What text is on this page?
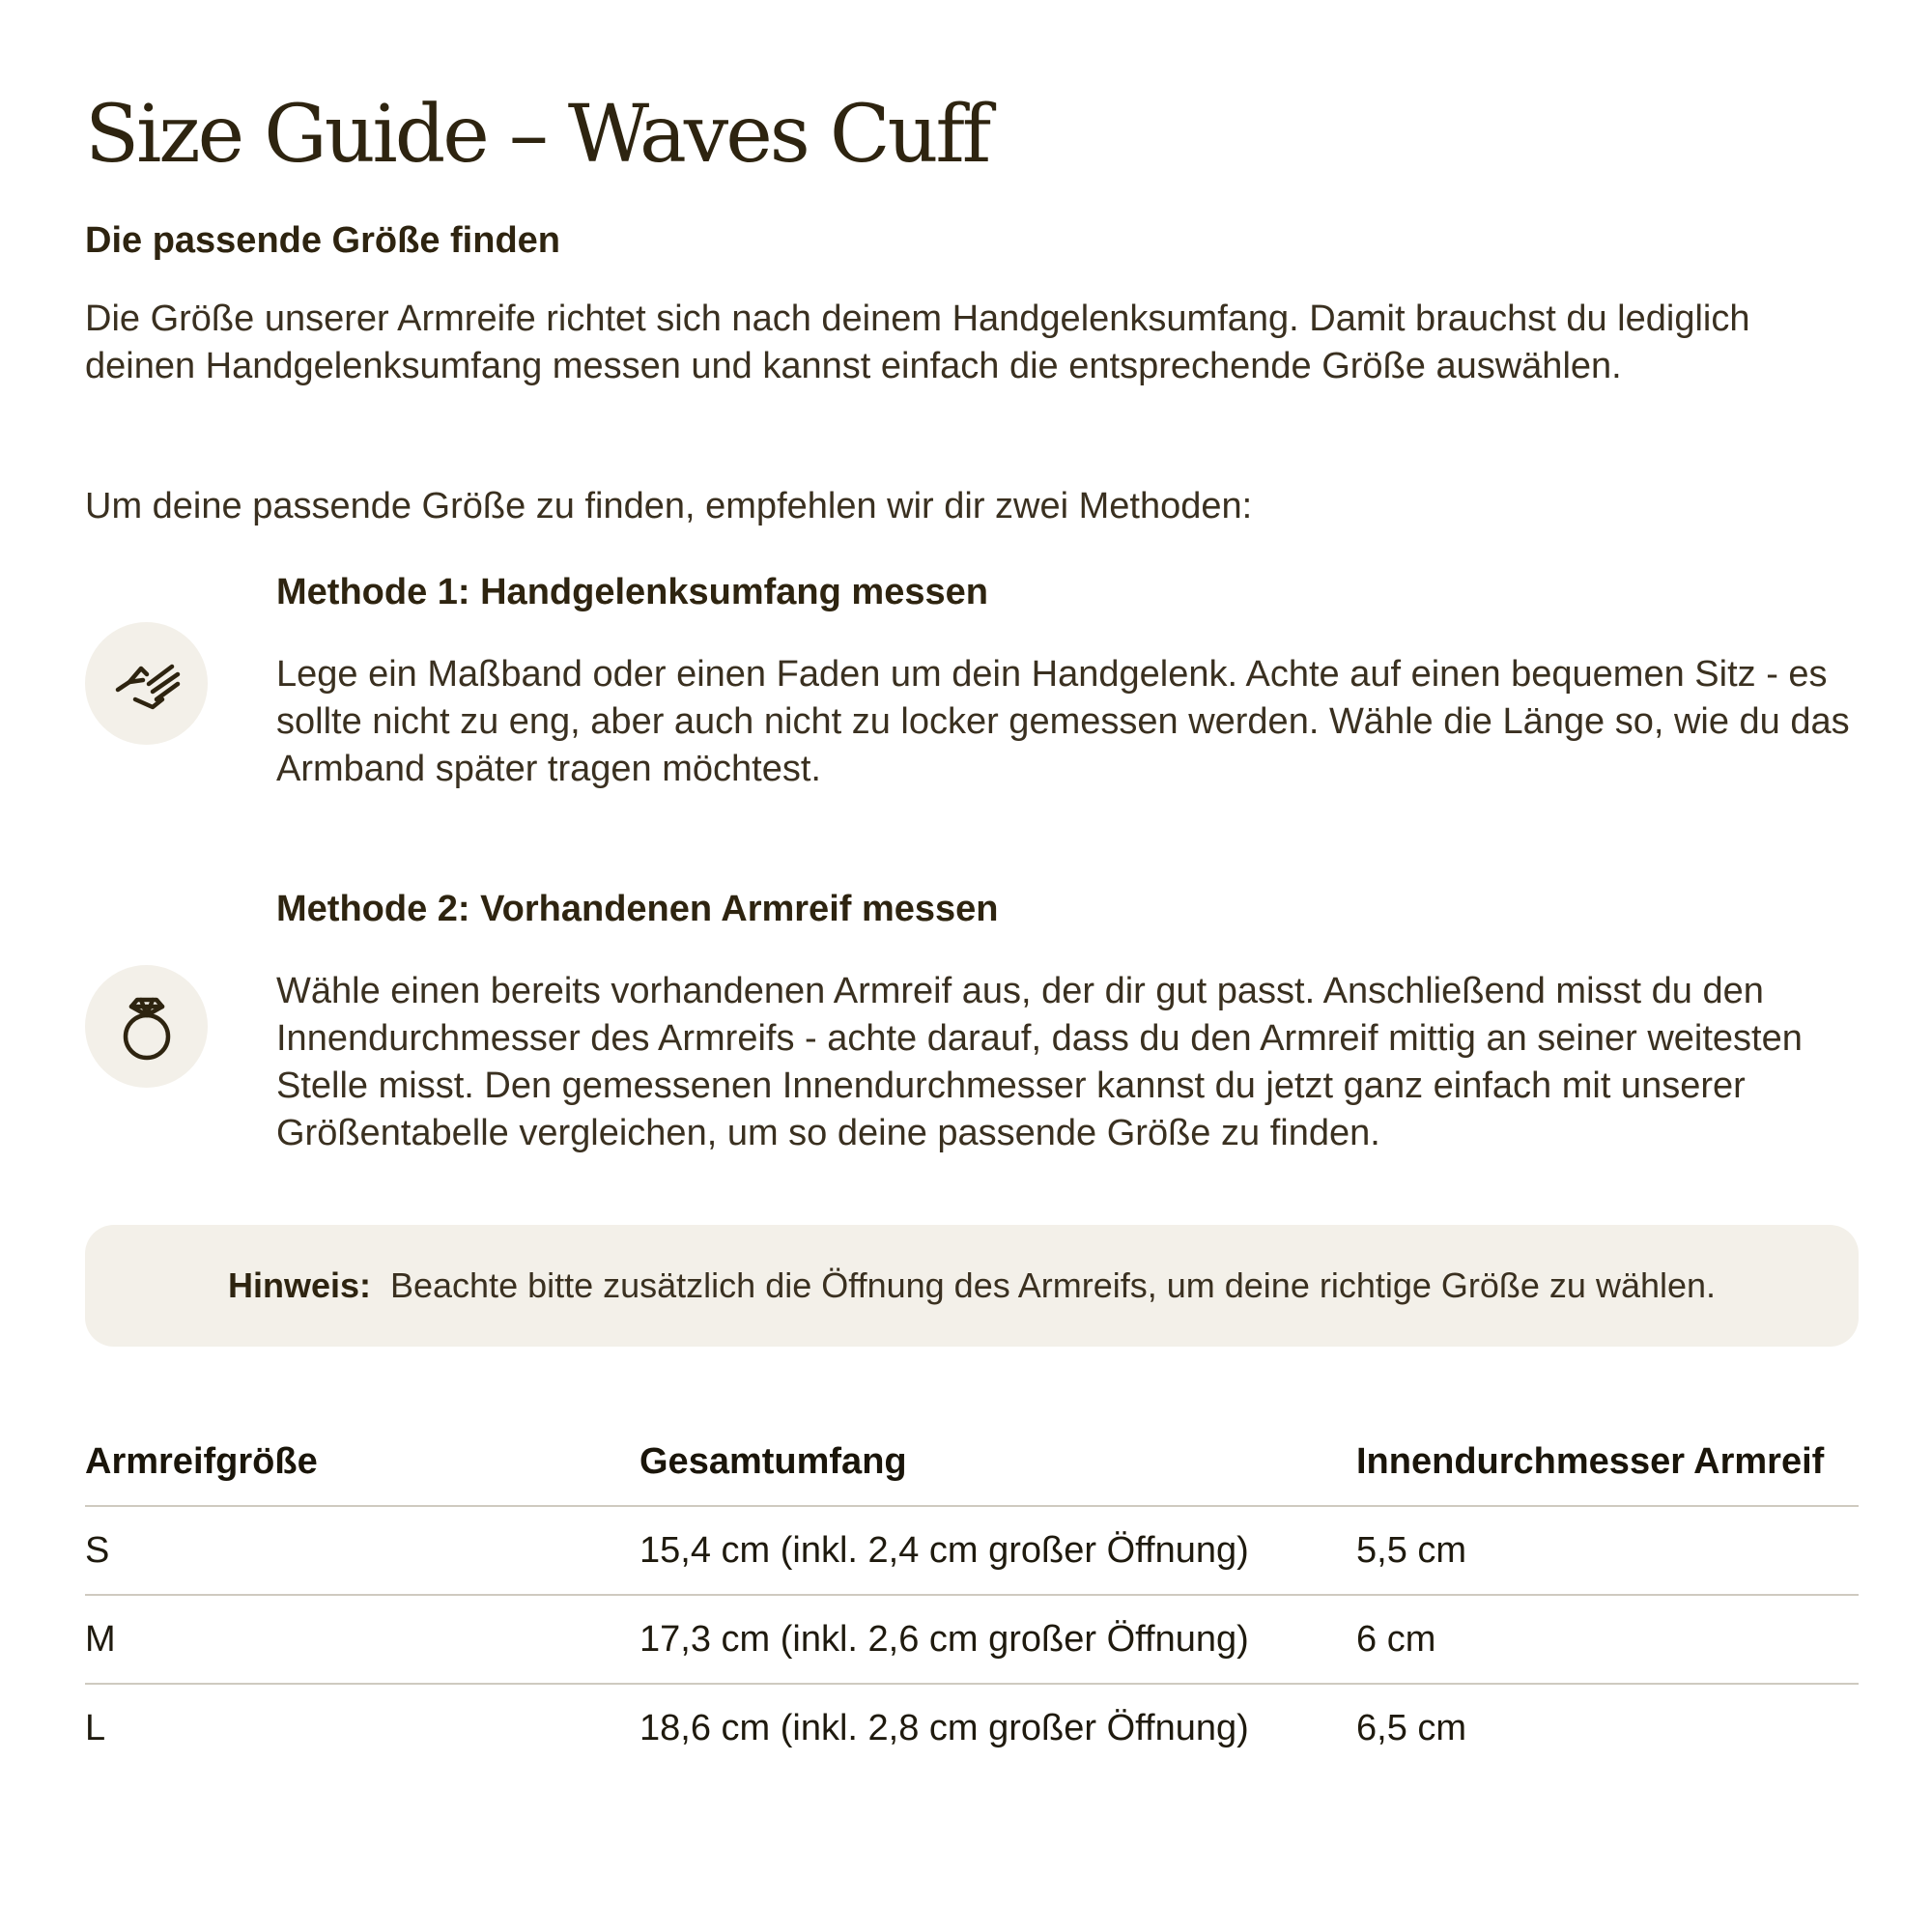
Size Guide – Waves Cuff
Die passende Größe finden

Die Größe unserer Armreife richtet sich nach deinem Handgelenksumfang. Damit brauchst du lediglich deinen Handgelenksumfang messen und kannst einfach die entsprechende Größe auswählen.

Um deine passende Größe zu finden, empfehlen wir dir zwei Methoden:

Methode 1: Handgelenksumfang messen

Lege ein Maßband oder einen Faden um dein Handgelenk. Achte auf einen bequemen Sitz - es sollte nicht zu eng, aber auch nicht zu locker gemessen werden. Wähle die Länge so, wie du das Armband später tragen möchtest.

Methode 2: Vorhandenen Armreif messen

Wähle einen bereits vorhandenen Armreif aus, der dir gut passt. Anschließend misst du den Innendurchmesser des Armreifs - achte darauf, dass du den Armreif mittig an seiner weitesten Stelle misst. Den gemessenen Innendurchmesser kannst du jetzt ganz einfach mit unserer Größentabelle vergleichen, um so deine passende Größe zu finden.

Hinweis: Beachte bitte zusätzlich die Öffnung des Armreifs, um deine richtige Größe zu wählen.
Armreifgröße	Gesamtumfang	Innendurchmesser Armreif
S	15,4 cm (inkl. 2,4 cm großer Öffnung)	5,5 cm
M	17,3 cm (inkl. 2,6 cm großer Öffnung)	6 cm
L	18,6 cm (inkl. 2,8 cm großer Öffnung)	6,5 cm
